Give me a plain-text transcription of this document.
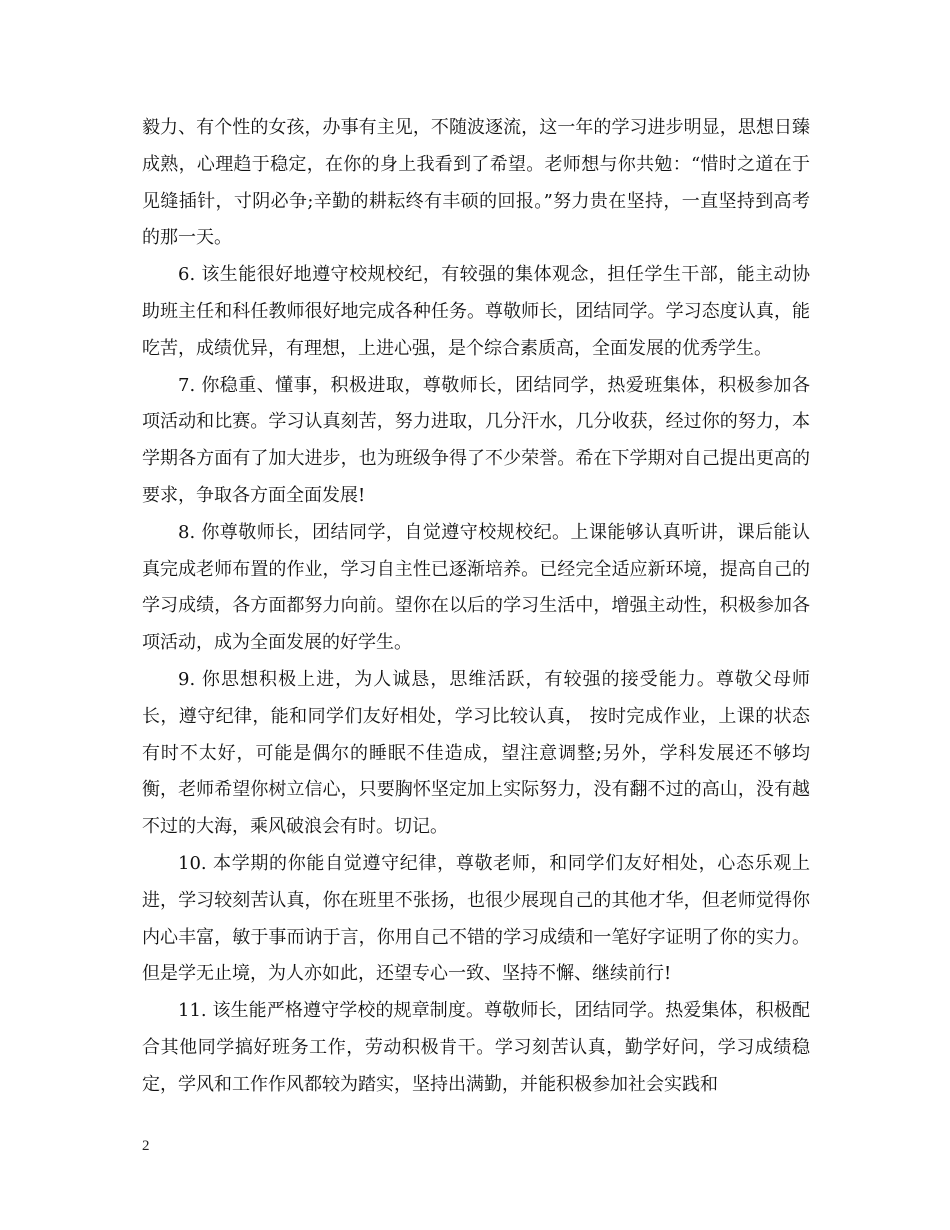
毅力、有个性的女孩，办事有主见，不随波逐流，这一年的学习进步明显，思想日臻成熟，心理趋于稳定，在你的身上我看到了希望。老师想与你共勉：“惜时之道在于见缝插针，寸阴必争;辛勤的耕耘终有丰硕的回报。”努力贵在坚持，一直坚持到高考的那一天。

6. 该生能很好地遵守校规校纪，有较强的集体观念，担任学生干部，能主动协助班主任和科任教师很好地完成各种任务。尊敬师长，团结同学。学习态度认真，能吃苦，成绩优异，有理想，上进心强，是个综合素质高，全面发展的优秀学生。

7. 你稳重、懂事，积极进取，尊敬师长，团结同学，热爱班集体，积极参加各项活动和比赛。学习认真刻苦，努力进取，几分汗水，几分收获，经过你的努力，本学期各方面有了加大进步，也为班级争得了不少荣誉。希在下学期对自己提出更高的要求，争取各方面全面发展!

8. 你尊敬师长，团结同学，自觉遵守校规校纪。上课能够认真听讲，课后能认真完成老师布置的作业，学习自主性已逐渐培养。已经完全适应新环境，提高自己的学习成绩，各方面都努力向前。望你在以后的学习生活中，增强主动性，积极参加各项活动，成为全面发展的好学生。

9. 你思想积极上进，为人诚恳，思维活跃，有较强的接受能力。尊敬父母师长，遵守纪律，能和同学们友好相处，学习比较认真， 按时完成作业，上课的状态有时不太好，可能是偶尔的睡眠不佳造成，望注意调整;另外，学科发展还不够均衡，老师希望你树立信心，只要胸怀坚定加上实际努力，没有翻不过的高山，没有越不过的大海，乘风破浪会有时。切记。

10. 本学期的你能自觉遵守纪律，尊敬老师，和同学们友好相处，心态乐观上进，学习较刻苦认真，你在班里不张扬，也很少展现自己的其他才华，但老师觉得你内心丰富，敏于事而讷于言，你用自己不错的学习成绩和一笔好字证明了你的实力。但是学无止境，为人亦如此，还望专心一致、坚持不懈、继续前行!

11. 该生能严格遵守学校的规章制度。尊敬师长，团结同学。热爱集体，积极配合其他同学搞好班务工作，劳动积极肯干。学习刻苦认真，勤学好问，学习成绩稳定，学风和工作作风都较为踏实，坚持出满勤，并能积极参加社会实践和

2
